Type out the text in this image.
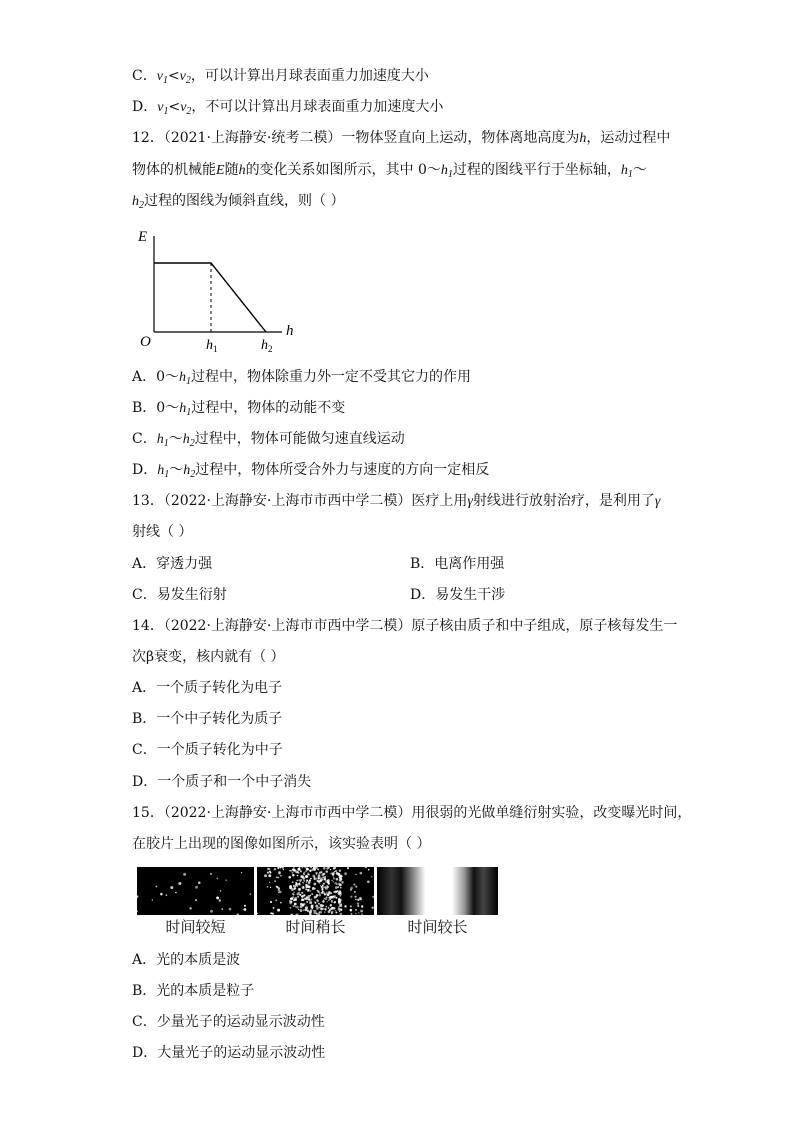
C．$v_1<v_2$，可以计算出月球表面重力加速度大小
D．$v_1<v_2$，不可以计算出月球表面重力加速度大小
12．（2021·上海静安·统考二模）一物体竖直向上运动，物体离地高度为h，运动过程中
物体的机械能E随h的变化关系如图所示，其中 $0\sim h_1$过程的图线平行于坐标轴，$h_1\sim$
$h_2$过程的图线为倾斜直线，则（ ）
E
h
O	$h_1$	$h_2$
A．$0\sim h_1$过程中，物体除重力外一定不受其它力的作用
B．$0\sim h_1$过程中，物体的动能不变
C．$h_1\sim h_2$过程中，物体可能做匀速直线运动
D．$h_1\sim h_2$过程中，物体所受合外力与速度的方向一定相反
13．（2022·上海静安·上海市市西中学二模）医疗上用γ射线进行放射治疗，是利用了γ
射线（ ）
A．穿透力强	B．电离作用强
C．易发生衍射	D．易发生干涉
14．（2022·上海静安·上海市市西中学二模）原子核由质子和中子组成，原子核每发生一
次β衰变，核内就有（ ）
A．一个质子转化为电子
B．一个中子转化为质子
C．一个质子转化为中子
D．一个质子和一个中子消失
15．（2022·上海静安·上海市市西中学二模）用很弱的光做单缝衍射实验，改变曝光时间，
在胶片上出现的图像如图所示，该实验表明（ ）
时间较短	时间稍长	时间较长
A．光的本质是波
B．光的本质是粒子
C．少量光子的运动显示波动性
D．大量光子的运动显示波动性
